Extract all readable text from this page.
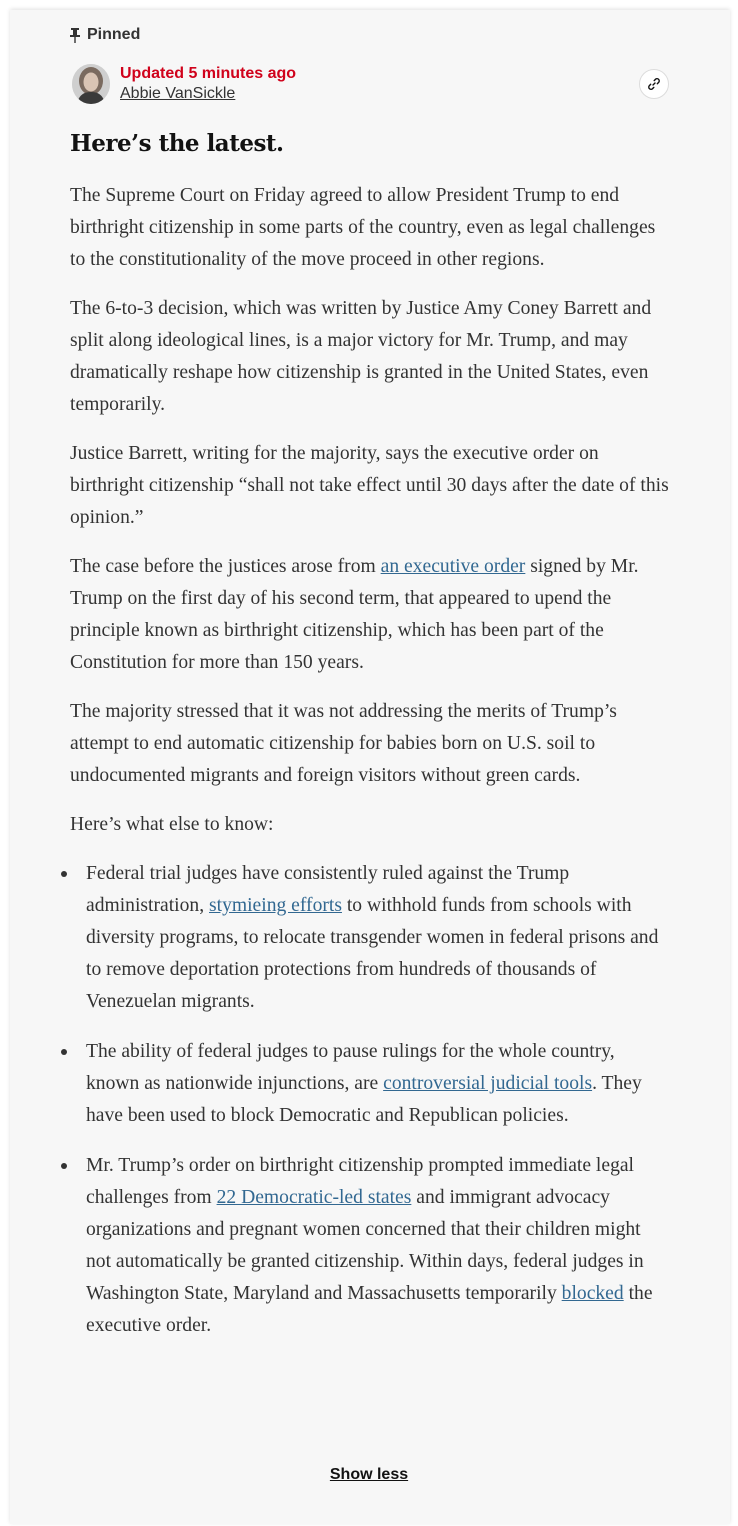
Pinned
Updated 5 minutes ago
Abbie VanSickle
Here’s the latest.

The Supreme Court on Friday agreed to allow President Trump to end birthright citizenship in some parts of the country, even as legal challenges to the constitutionality of the move proceed in other regions.

The 6-to-3 decision, which was written by Justice Amy Coney Barrett and split along ideological lines, is a major victory for Mr. Trump, and may dramatically reshape how citizenship is granted in the United States, even temporarily.

Justice Barrett, writing for the majority, says the executive order on birthright citizenship “shall not take effect until 30 days after the date of this opinion.”

The case before the justices arose from an executive order signed by Mr. Trump on the first day of his second term, that appeared to upend the principle known as birthright citizenship, which has been part of the Constitution for more than 150 years.

The majority stressed that it was not addressing the merits of Trump’s attempt to end automatic citizenship for babies born on U.S. soil to undocumented migrants and foreign visitors without green cards.

Here’s what else to know:

Federal trial judges have consistently ruled against the Trump administration, stymieing efforts to withhold funds from schools with diversity programs, to relocate transgender women in federal prisons and to remove deportation protections from hundreds of thousands of Venezuelan migrants.
The ability of federal judges to pause rulings for the whole country, known as nationwide injunctions, are controversial judicial tools. They have been used to block Democratic and Republican policies.
Mr. Trump’s order on birthright citizenship prompted immediate legal challenges from 22 Democratic-led states and immigrant advocacy organizations and pregnant women concerned that their children might not automatically be granted citizenship. Within days, federal judges in Washington State, Maryland and Massachusetts temporarily blocked the executive order.
Show less
